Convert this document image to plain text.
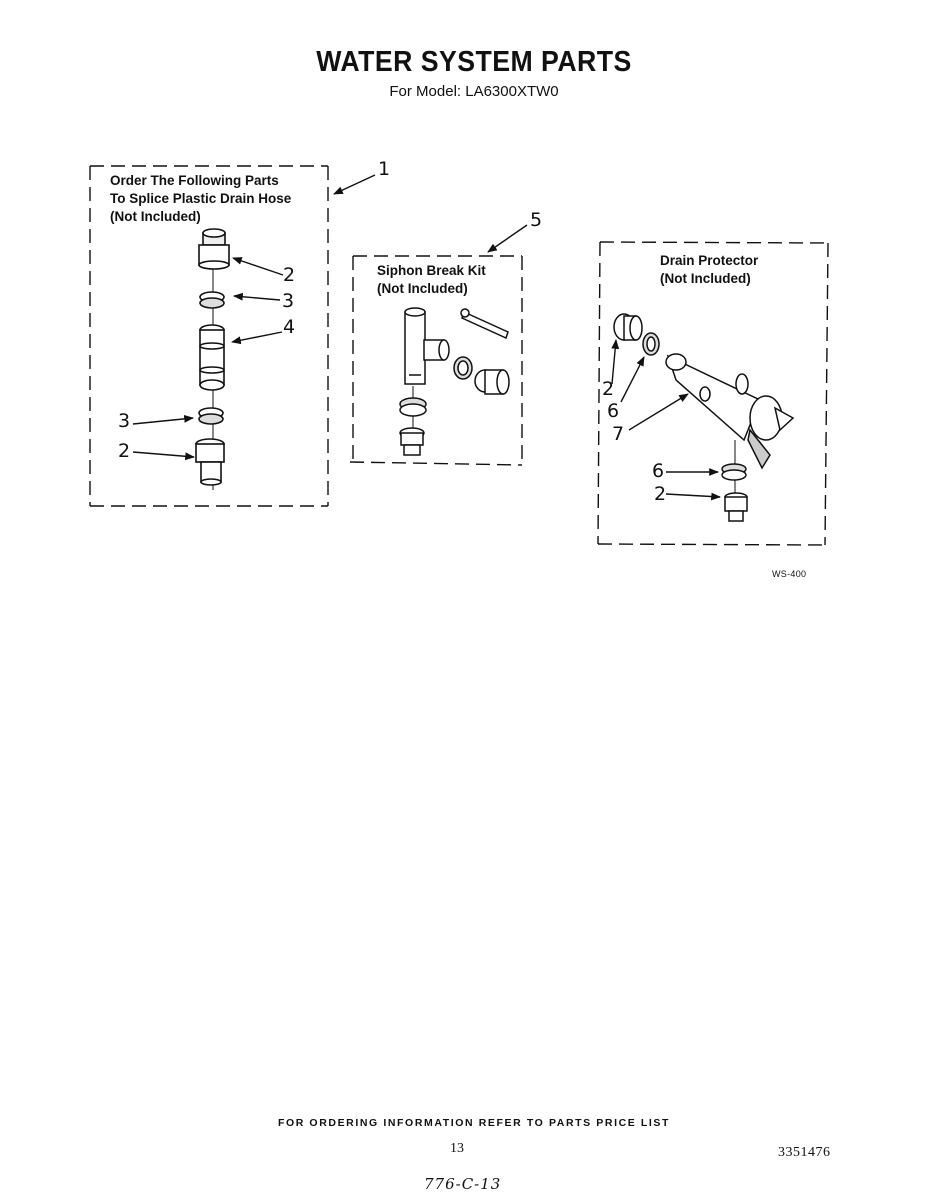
WATER SYSTEM PARTS
For Model: LA6300XTW0
Order The Following Parts
To Splice Plastic Drain Hose
(Not Included)
Siphon Break Kit
(Not Included)
Drain Protector
(Not Included)
1
5
2
3
4
3
2
2
6
7
6
2
WS-400
FOR ORDERING INFORMATION REFER TO PARTS PRICE LIST
13	3351476
776-C-13
